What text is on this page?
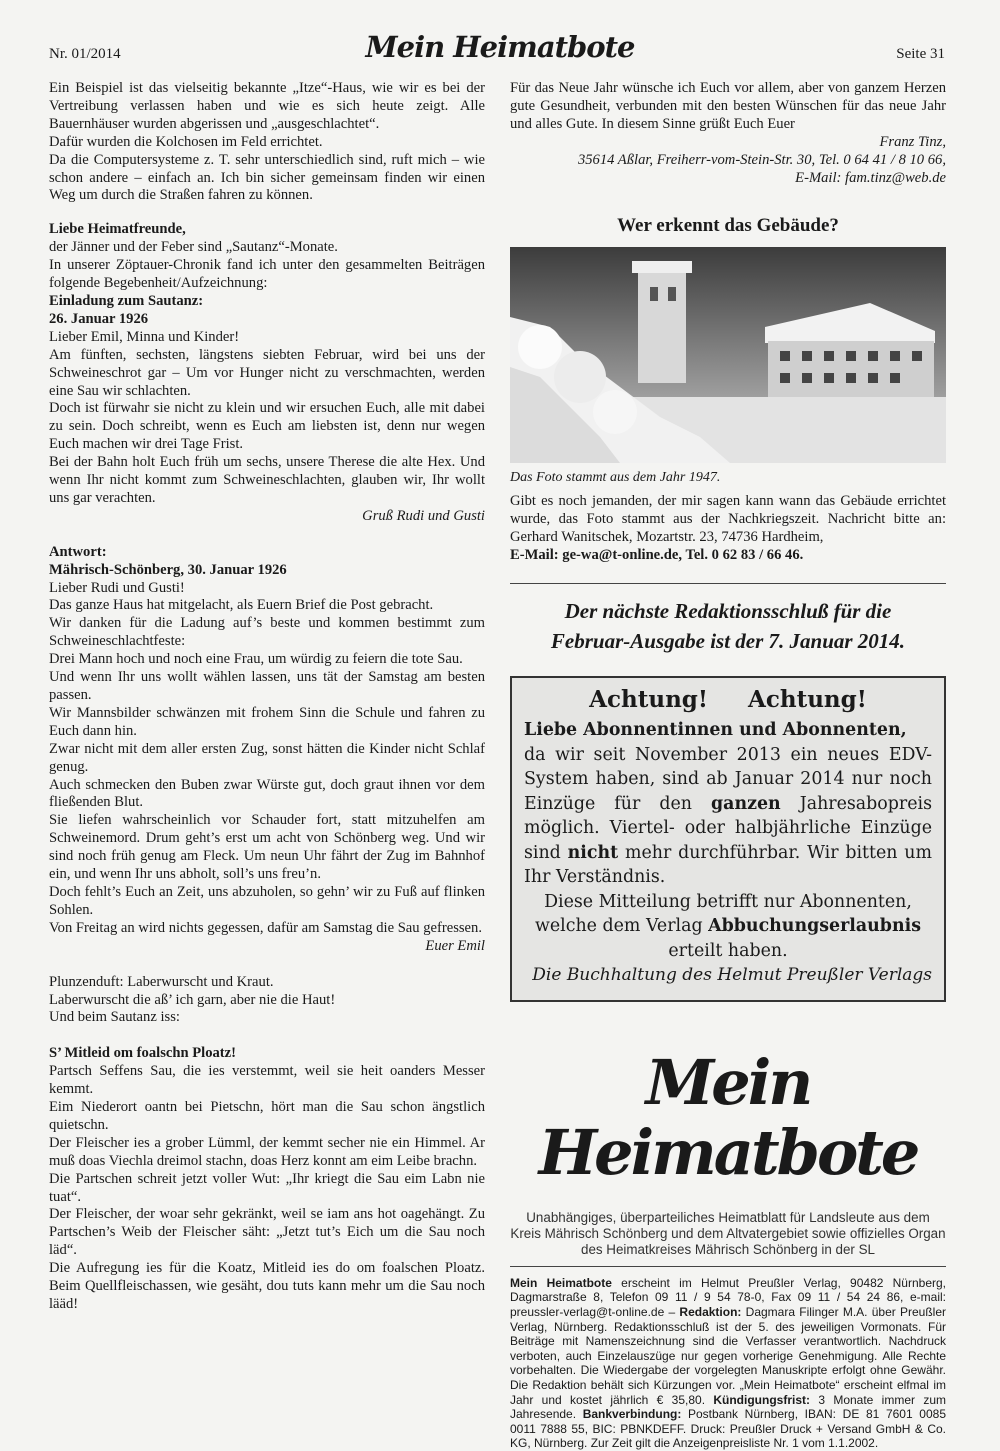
Nr. 01/2014	Mein Heimatbote	Seite 31

Ein Beispiel ist das vielseitig bekannte „Itze“-Haus, wie wir es bei der Vertreibung verlassen haben und wie es sich heute zeigt. Alle Bauernhäuser wurden abgerissen und „ausgeschlachtet“.

Dafür wurden die Kolchosen im Feld errichtet.

Da die Computersysteme z. T. sehr unterschiedlich sind, ruft mich – wie schon andere – einfach an. Ich bin sicher gemeinsam finden wir einen Weg um durch die Straßen fahren zu können.

Liebe Heimatfreunde,

der Jänner und der Feber sind „Sautanz“-Monate.

In unserer Zöptauer-Chronik fand ich unter den gesammelten Beiträgen folgende Begebenheit/Aufzeichnung:

Einladung zum Sautanz:
26. Januar 1926

Lieber Emil, Minna und Kinder!

Am fünften, sechsten, längstens siebten Februar, wird bei uns der Schweineschrot gar – Um vor Hunger nicht zu verschmachten, werden eine Sau wir schlachten.

Doch ist fürwahr sie nicht zu klein und wir ersuchen Euch, alle mit dabei zu sein. Doch schreibt, wenn es Euch am liebsten ist, denn nur wegen Euch machen wir drei Tage Frist.

Bei der Bahn holt Euch früh um sechs, unsere Therese die alte Hex. Und wenn Ihr nicht kommt zum Schweineschlachten, glauben wir, Ihr wollt uns gar verachten.

Gruß Rudi und Gusti

Antwort:
Mährisch-Schönberg, 30. Januar 1926

Lieber Rudi und Gusti!

Das ganze Haus hat mitgelacht, als Euern Brief die Post gebracht.

Wir danken für die Ladung auf’s beste und kommen bestimmt zum Schweineschlachtfeste:

Drei Mann hoch und noch eine Frau, um würdig zu feiern die tote Sau.

Und wenn Ihr uns wollt wählen lassen, uns tät der Samstag am besten passen.

Wir Mannsbilder schwänzen mit frohem Sinn die Schule und fahren zu Euch dann hin.

Zwar nicht mit dem aller ersten Zug, sonst hätten die Kinder nicht Schlaf genug.

Auch schmecken den Buben zwar Würste gut, doch graut ihnen vor dem fließenden Blut.

Sie liefen wahrscheinlich vor Schauder fort, statt mitzuhelfen am Schweinemord. Drum geht’s erst um acht von Schönberg weg. Und wir sind noch früh genug am Fleck. Um neun Uhr fährt der Zug im Bahnhof ein, und wenn Ihr uns abholt, soll’s uns freu’n.

Doch fehlt’s Euch an Zeit, uns abzuholen, so gehn’ wir zu Fuß auf flinken Sohlen.

Von Freitag an wird nichts gegessen, dafür am Samstag die Sau gefressen.

Euer Emil

Plunzenduft: Laberwurscht und Kraut.

Laberwurscht die aß’ ich garn, aber nie die Haut!

Und beim Sautanz iss:

S’ Mitleid om foalschn Ploatz!

Partsch Seffens Sau, die ies verstemmt, weil sie heit oanders Messer kemmt.

Eim Niederort oantn bei Pietschn, hört man die Sau schon ängstlich quietschn.

Der Fleischer ies a grober Lümml, der kemmt secher nie ein Himmel. Ar muß doas Viechla dreimol stachn, doas Herz konnt am eim Leibe brachn.

Die Partschen schreit jetzt voller Wut: „Ihr kriegt die Sau eim Labn nie tuat“.

Der Fleischer, der woar sehr gekränkt, weil se iam ans hot oagehängt. Zu Partschen’s Weib der Fleischer säht: „Jetzt tut’s Eich um die Sau noch läd“.

Die Aufregung ies für die Koatz, Mitleid ies do om foalschen Ploatz. Beim Quellfleischassen, wie gesäht, dou tuts kann mehr um die Sau noch lääd!

Für das Neue Jahr wünsche ich Euch vor allem, aber von ganzem Herzen gute Gesundheit, verbunden mit den besten Wünschen für das neue Jahr und alles Gute. In diesem Sinne grüßt Euch Euer

Franz Tinz,

35614 Aßlar, Freiherr-vom-Stein-Str. 30, Tel. 0 64 41 / 8 10 66,

E-Mail: fam.tinz@web.de

Wer erkennt das Gebäude?

Das Foto stammt aus dem Jahr 1947.

Gibt es noch jemanden, der mir sagen kann wann das Gebäude errichtet wurde, das Foto stammt aus der Nachkriegszeit. Nachricht bitte an: Gerhard Wanitschek, Mozartstr. 23, 74736 Hardheim,

E-Mail: ge-wa@t-online.de, Tel. 0 62 83 / 66 46.

Der nächste Redaktionsschluß für die
Februar-Ausgabe ist der 7. Januar 2014.
Achtung! Achtung!
Liebe Abonnentinnen und Abonnenten,
da wir seit November 2013 ein neues EDV-System haben, sind ab Januar 2014 nur noch Einzüge für den ganzen Jahresabopreis möglich. Viertel- oder halbjährliche Einzüge sind nicht mehr durchführbar. Wir bitten um Ihr Verständnis.
Diese Mitteilung betrifft nur Abonnenten, welche dem Verlag Abbuchungserlaubnis erteilt haben.
Die Buchhaltung des Helmut Preußler Verlags
Mein Heimatbote
Unabhängiges, überparteiliches Heimatblatt für Landsleute aus dem Kreis Mährisch Schönberg und dem Altvatergebiet sowie offizielles Organ des Heimatkreises Mährisch Schönberg in der SL
Mein Heimatbote erscheint im Helmut Preußler Verlag, 90482 Nürnberg, Dagmarstraße 8, Telefon 09 11 / 9 54 78-0, Fax 09 11 / 54 24 86, e-mail: preussler-verlag@t-online.de – Redaktion: Dagmara Filinger M.A. über Preußler Verlag, Nürnberg. Redaktionsschluß ist der 5. des jeweiligen Vormonats. Für Beiträge mit Namenszeichnung sind die Verfasser verantwortlich. Nachdruck verboten, auch Einzelauszüge nur gegen vorherige Genehmigung. Alle Rechte vorbehalten. Die Wiedergabe der vorgelegten Manuskripte erfolgt ohne Gewähr. Die Redaktion behält sich Kürzungen vor. „Mein Heimatbote“ erscheint elfmal im Jahr und kostet jährlich € 35,80. Kündigungsfrist: 3 Monate immer zum Jahresende. Bankverbindung: Postbank Nürnberg, IBAN: DE 81 7601 0085 0011 7888 55, BIC: PBNKDEFF. Druck: Preußler Druck + Versand GmbH & Co. KG, Nürnberg. Zur Zeit gilt die Anzeigenpreisliste Nr. 1 vom 1.1.2002.
